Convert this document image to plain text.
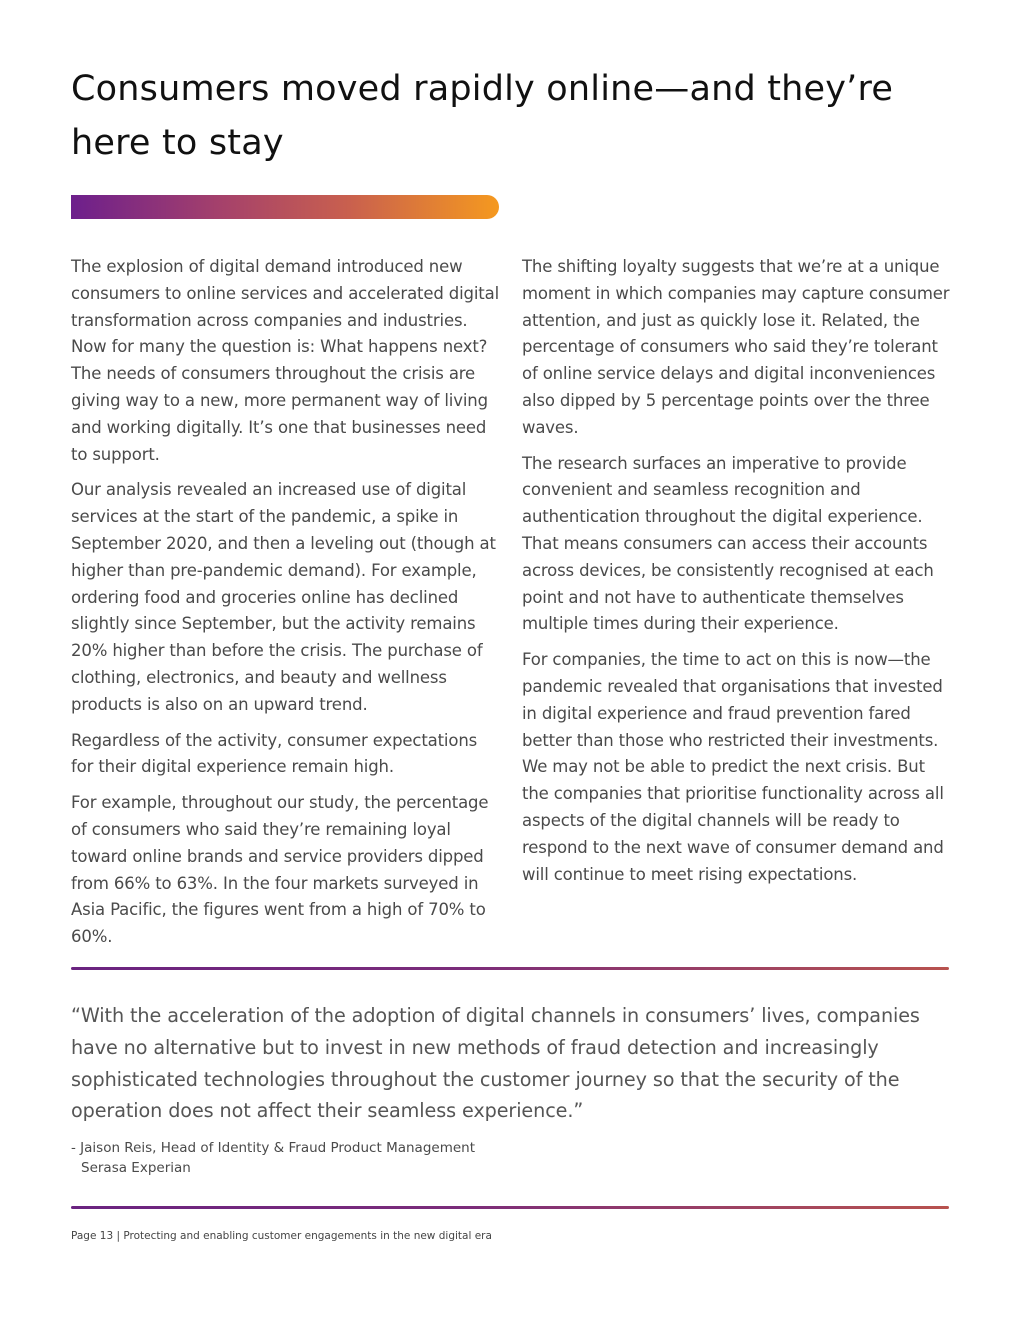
Consumers moved rapidly online—and they’re here to stay

The explosion of digital demand introduced new consumers to online services and accelerated digital transformation across companies and industries. Now for many the question is: What happens next? The needs of consumers throughout the crisis are giving way to a new, more permanent way of living and working digitally. It’s one that businesses need to support.

Our analysis revealed an increased use of digital services at the start of the pandemic, a spike in September 2020, and then a leveling out (though at higher than pre-pandemic demand). For example, ordering food and groceries online has declined slightly since September, but the activity remains 20% higher than before the crisis. The purchase of clothing, electronics, and beauty and wellness products is also on an upward trend.

Regardless of the activity, consumer expectations for their digital experience remain high.

For example, throughout our study, the percentage of consumers who said they’re remaining loyal toward online brands and service providers dipped from 66% to 63%. In the four markets surveyed in Asia Pacific, the figures went from a high of 70% to 60%.

The shifting loyalty suggests that we’re at a unique moment in which companies may capture consumer attention, and just as quickly lose it. Related, the percentage of consumers who said they’re tolerant of online service delays and digital inconveniences also dipped by 5 percentage points over the three waves.

The research surfaces an imperative to provide convenient and seamless recognition and authentication throughout the digital experience. That means consumers can access their accounts across devices, be consistently recognised at each point and not have to authenticate themselves multiple times during their experience.

For companies, the time to act on this is now—the pandemic revealed that organisations that invested in digital experience and fraud prevention fared better than those who restricted their investments. We may not be able to predict the next crisis. But the companies that prioritise functionality across all aspects of the digital channels will be ready to respond to the next wave of consumer demand and will continue to meet rising expectations.

“With the acceleration of the adoption of digital channels in consumers’ lives, companies have no alternative but to invest in new methods of fraud detection and increasingly sophisticated technologies throughout the customer journey so that the security of the operation does not affect their seamless experience.”

- Jaison Reis, Head of Identity & Fraud Product Management
Serasa Experian
Page 13 | Protecting and enabling customer engagements in the new digital era
